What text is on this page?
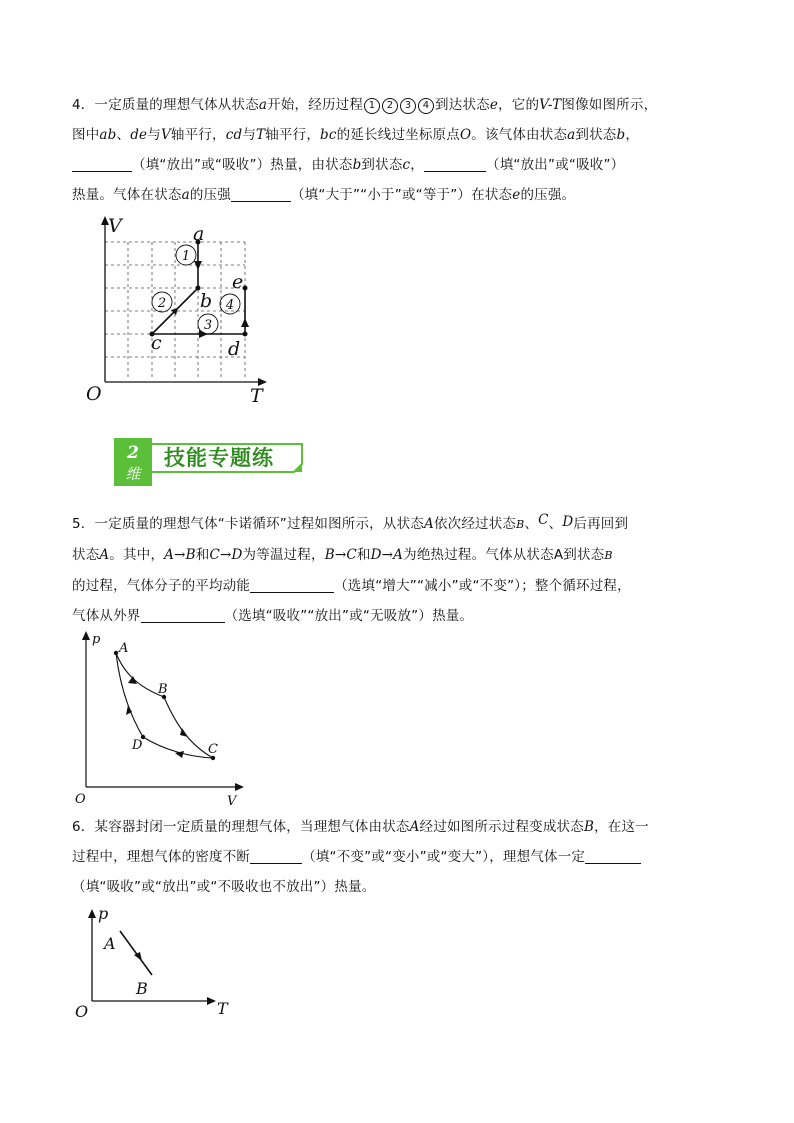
4．一定质量的理想气体从状态a开始，经历过程 1 2 3 4 到达状态e，它的V-T图像如图所示，
图中ab、de与V轴平行，cd与T轴平行，bc的延长线过坐标原点O。该气体由状态a到状态b，
（填“放出”或“吸收”）热量，由状态b到状态c，	（填“放出”或“吸收”）
热量。气体在状态a的压强	（填“大于”“小于”或“等于”）在状态e的压强。
1
2
3
4
V
T
O
a
b
c	d
e
2
维
技能专题练
5．一定质量的理想气体“卡诺循环”过程如图所示，从状态A依次经过状态B、C、D后再回到
状态A。其中，A→B和C→D为等温过程，B→C和D→A为绝热过程。气体从状态A到状态B
的过程，气体分子的平均动能	（选填“增大”“减小”或“不变”）；整个循环过程，
气体从外界	（选填“吸收”“放出”或“无吸放”）热量。
p
V
O
A
B
C
D
6．某容器封闭一定质量的理想气体，当理想气体由状态A经过如图所示过程变成状态B，在这一
过程中，理想气体的密度不断	（填“不变”或“变小”或“变大”），理想气体一定
（填“吸收”或“放出”或“不吸收也不放出”）热量。
p
T
O
A
B
